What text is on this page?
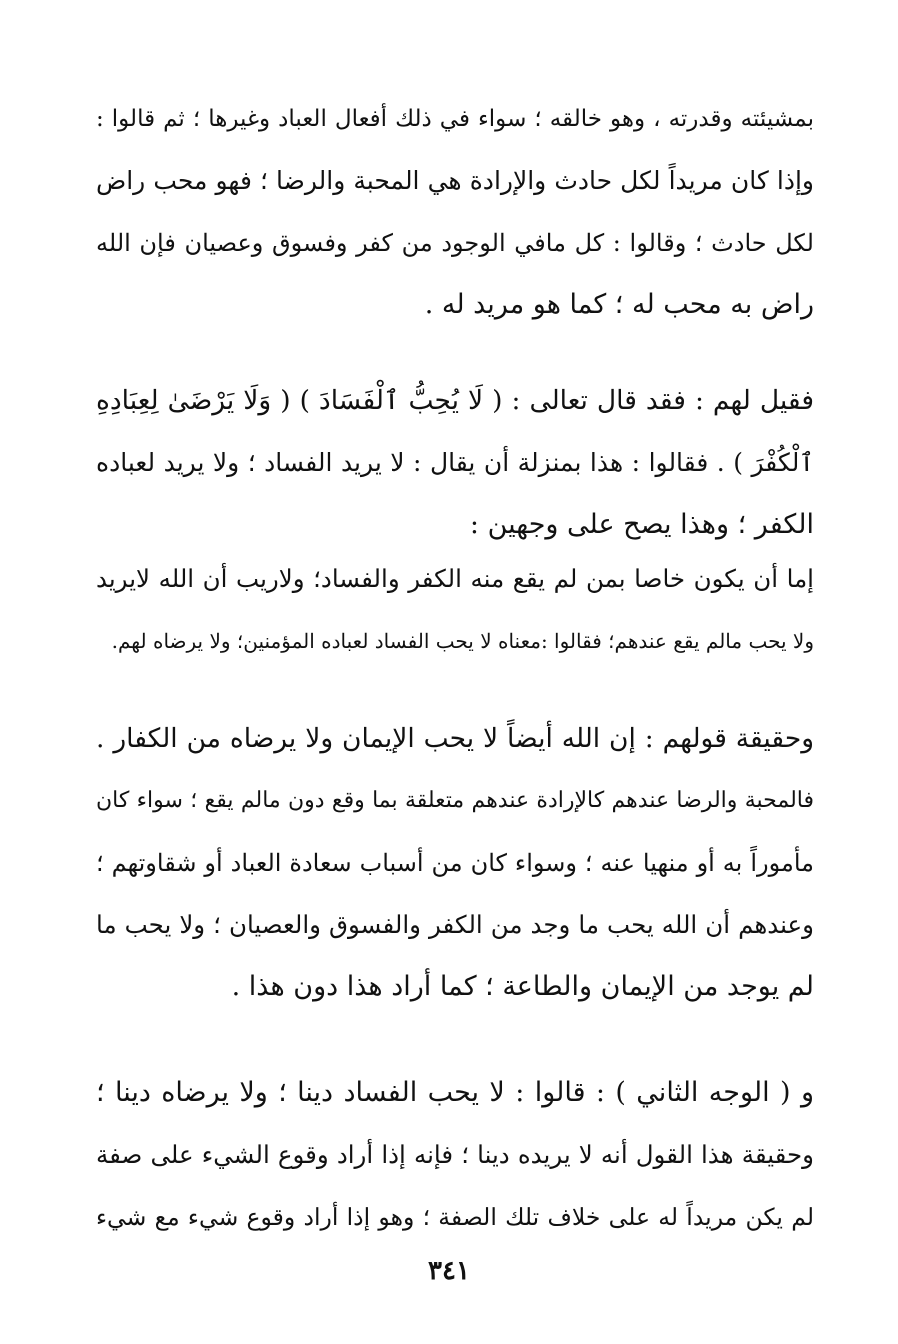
بمشيئته وقدرته ، وهو خالقه ؛ سواء في ذلك أفعال العباد وغيرها ؛ ثم قالوا :
وإذا كان مريداً لكل حادث والإرادة هي المحبة والرضا ؛ فهو محب راض
لكل حادث ؛ وقالوا : كل مافي الوجود من كفر وفسوق وعصيان فإن الله
راض به محب له ؛ كما هو مريد له .
فقيل لهم : فقد قال تعالى : ( لَا يُحِبُّ ٱلْفَسَادَ ) ( وَلَا يَرْضَىٰ لِعِبَادِهِ
ٱلْكُفْرَ ) . فقالوا : هذا بمنزلة أن يقال : لا يريد الفساد ؛ ولا يريد لعباده
الكفر ؛ وهذا يصح على وجهين :
إما أن يكون خاصا بمن لم يقع منه الكفر والفساد؛ ولاريب أن الله لايريد
ولا يحب مالم يقع عندهم؛ فقالوا :معناه لا يحب الفساد لعباده المؤمنين؛ ولا يرضاه لهم.
وحقيقة قولهم : إن الله أيضاً لا يحب الإيمان ولا يرضاه من الكفار .
فالمحبة والرضا عندهم كالإرادة عندهم متعلقة بما وقع دون مالم يقع ؛ سواء كان
مأموراً به أو منهيا عنه ؛ وسواء كان من أسباب سعادة العباد أو شقاوتهم ؛
وعندهم أن الله يحب ما وجد من الكفر والفسوق والعصيان ؛ ولا يحب ما
لم يوجد من الإيمان والطاعة ؛ كما أراد هذا دون هذا .
و ( الوجه الثاني ) : قالوا : لا يحب الفساد دينا ؛ ولا يرضاه دينا ؛
وحقيقة هذا القول أنه لا يريده دينا ؛ فإنه إذا أراد وقوع الشيء على صفة
لم يكن مريداً له على خلاف تلك الصفة ؛ وهو إذا أراد وقوع شيء مع شيء
٣٤١
